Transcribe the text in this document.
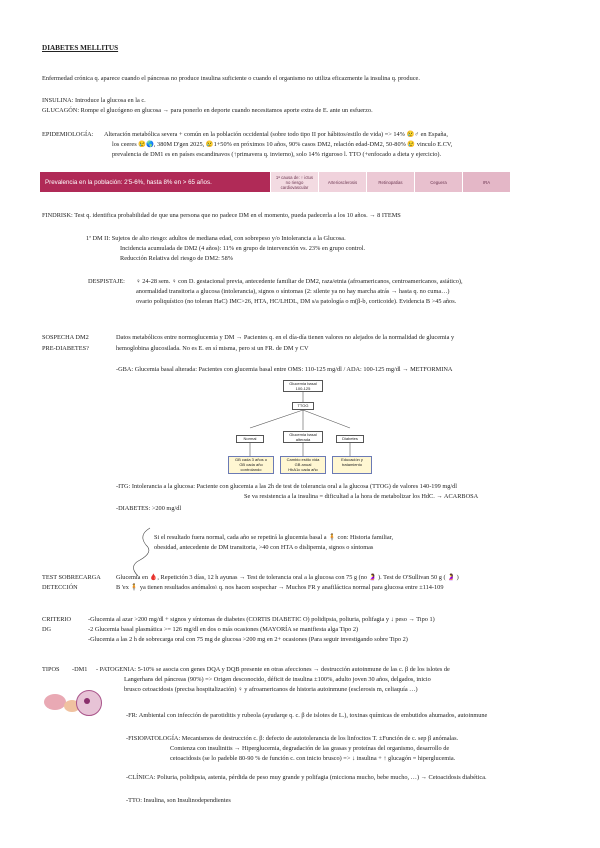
DIABETES MELLITUS
Enfermedad crónica q. aparece cuando el páncreas no produce insulina suficiente o cuando el organismo no utiliza eficazmente la insulina q. produce.
INSULINA: Introduce la glucosa en la c.
GLUCAGÓN: Rompe el glucógeno en glucosa → para ponerlo en deporte cuando necesitamos aporte extra de E. ante un esfuerzo.
EPIDEMIOLOGÍA: Alteración metabólica severa + común en la población occidental (sobre todo tipo II por hábitos/estilo de vida) => 14% 😢♂ en España,
los ceeres 😢🌎, 380M D'gen 2025, 😢1+50% en próximos 10 años, 90% casos DM2, relación edad-DM2, 50-80% 😢 vinculo E.CV,
prevalencia de DM1 es en países escandinavos (↑primavera q. invierno), solo 14% riguroso l. TTO (+enfocado a dieta y ejercicio).
Prevalencia en la población: 2'5-6%, hasta 8% en > 65 años.
1ª causa de: ↑ ictus
no riesgo
cardiovascular
Arteriosclerosis	Retinopatías	Ceguera	IRA
FINDRISK: Test q. identifica probabilidad de que una persona que no padece DM en el momento, pueda padecerla a los 10 años. → 8 ITEMS
1ª DM II: Sujetos de alto riesgo: adultos de mediana edad, con sobrepeso y/o Intolerancia a la Glucosa.
Incidencia acumulada de DM2 (4 años): 11% en grupo de intervención vs. 23% en grupo control.
Reducción Relativa del riesgo de DM2: 58%
DESPISTAJE: ♀ 24-28 sem. ♀ con D. gestacional previa, antecedente familiar de DM2, raza/etnia (afroamericanos, centroamericanos, asiático),
anormalidad transitoria a glucosa (intolerancia), signos o síntomas (2: silente ya no hay marcha atrás → hasta q. no cuma…)
ovario poliquístico (no toleran HaC) IMC>26, HTA, HC/LHDL, DM s/a patología o m(β-b, corticoide). Evidencia B >45 años.
SOSPECHA DM2
PRE-DIABETES?
Datos metabólicos entre normoglucemia y DM → Pacientes q. en el día-día tienen valores no alejados de la normalidad de glucemia y
hemoglobina glucosilada. No es E. en sí misma, pero si un FR. de DM y CV
-GBA: Glucemia basal alterada: Pacientes con glucemia basal entre OMS: 110-125 mg/dl / ADA: 100-125 mg/dl → METFORMINA
Glucemia basal
100-125
TTOG
Normal
Glucemia basal
alterada	Diabetes
GB cada 3 años o
GB cada año
controlando
Cambio estilo vida
GB anual
HbA1c cada año
Educación y
tratamiento
-ITG: Intolerancia a la glucosa: Paciente con glucemia a las 2h de test de tolerancia oral a la glucosa (TTOG) de valores 140-199 mg/dl
Se va resistencia a la insulina = dificultad a la hora de metabolizar los HdC. → ACARBOSA
-DIABETES: >200 mg/dl
Si el resultado fuera normal, cada año se repetirá la glucemia basal a 🧍 con: Historia familiar,
obesidad, antecedente de DM transitoria, >40 con HTA o dislipemia, signos o síntomas
TEST SOBRECARGA
DETECCIÓN
Glucemia en 🩸, Repetición 3 días, 12 h ayunas → Test de tolerancia oral a la glucosa con 75 g (no 🤰 ). Test de O'Sullivan 50 g ( 🤰 )
B 'ex 🧍 ya tienen resultados anómalos\ q. nos hacen sospechar → Muchos FR y anafiláctica normal para glucosa entre ±114-109
CRITERIO
DG
-Glucemia al azar >200 mg/dl + signos y síntomas de diabetes (CORTIS DIABETIC O) polidipsia, poliuria, polifagia y ↓ peso → Tipo 1)
-2 Glucemia basal plasmática >= 126 mg/dl en dos o más ocasiones (MAYORÍA se manifiesta alga Tipo 2)
-Glucemia a las 2 h de sobrecarga oral con 75 mg de glucosa >200 mg en 2+ ocasiones (Para seguir investigando sobre Tipo 2)
TIPOS -DM1 - PATOGENIA: 5-10% se asocia con genes DQA y DQB presente en otras afecciones → destrucción autoinmune de las c. β de los islotes de
Langerhans del páncreas (90%) => Origen desconocido, déficit de insulina ±100%, adulto joven 30 años, delgados, inicio
brusco cetoacidosis (precisa hospitalización) ♀ y afroamericanos de historia autoinmune (esclerosis m, celiaquía …)
-FR: Ambiental con infección de parotiditis y rubeola (ayudarqe q. c. β de islotes de L.), toxinas químicas de embutidos ahumados, autoinmune
-FISIOPATOLOGÍA: Mecanismos de destrucción c. β: defecto de autotolerancia de los linfocitos T. ±Función de c. sep β anómalas.
Comienza con insulinitis → Hiperglucemia, degradación de las grasas y proteínas del organismo, desarrollo de
cetoacidosis (se lo padeble 80-90 % de función c. con inicio brusco) => ↓ insulina + ↑ glucagón = hiperglucemia.
-CLÍNICA: Poliuria, polidipsia, astenia, pérdida de peso muy grande y polifagia (micciona mucho, bebe mucho, …) → Cetoacidosis diabética.
-TTO: Insulina, son Insulinodependientes
